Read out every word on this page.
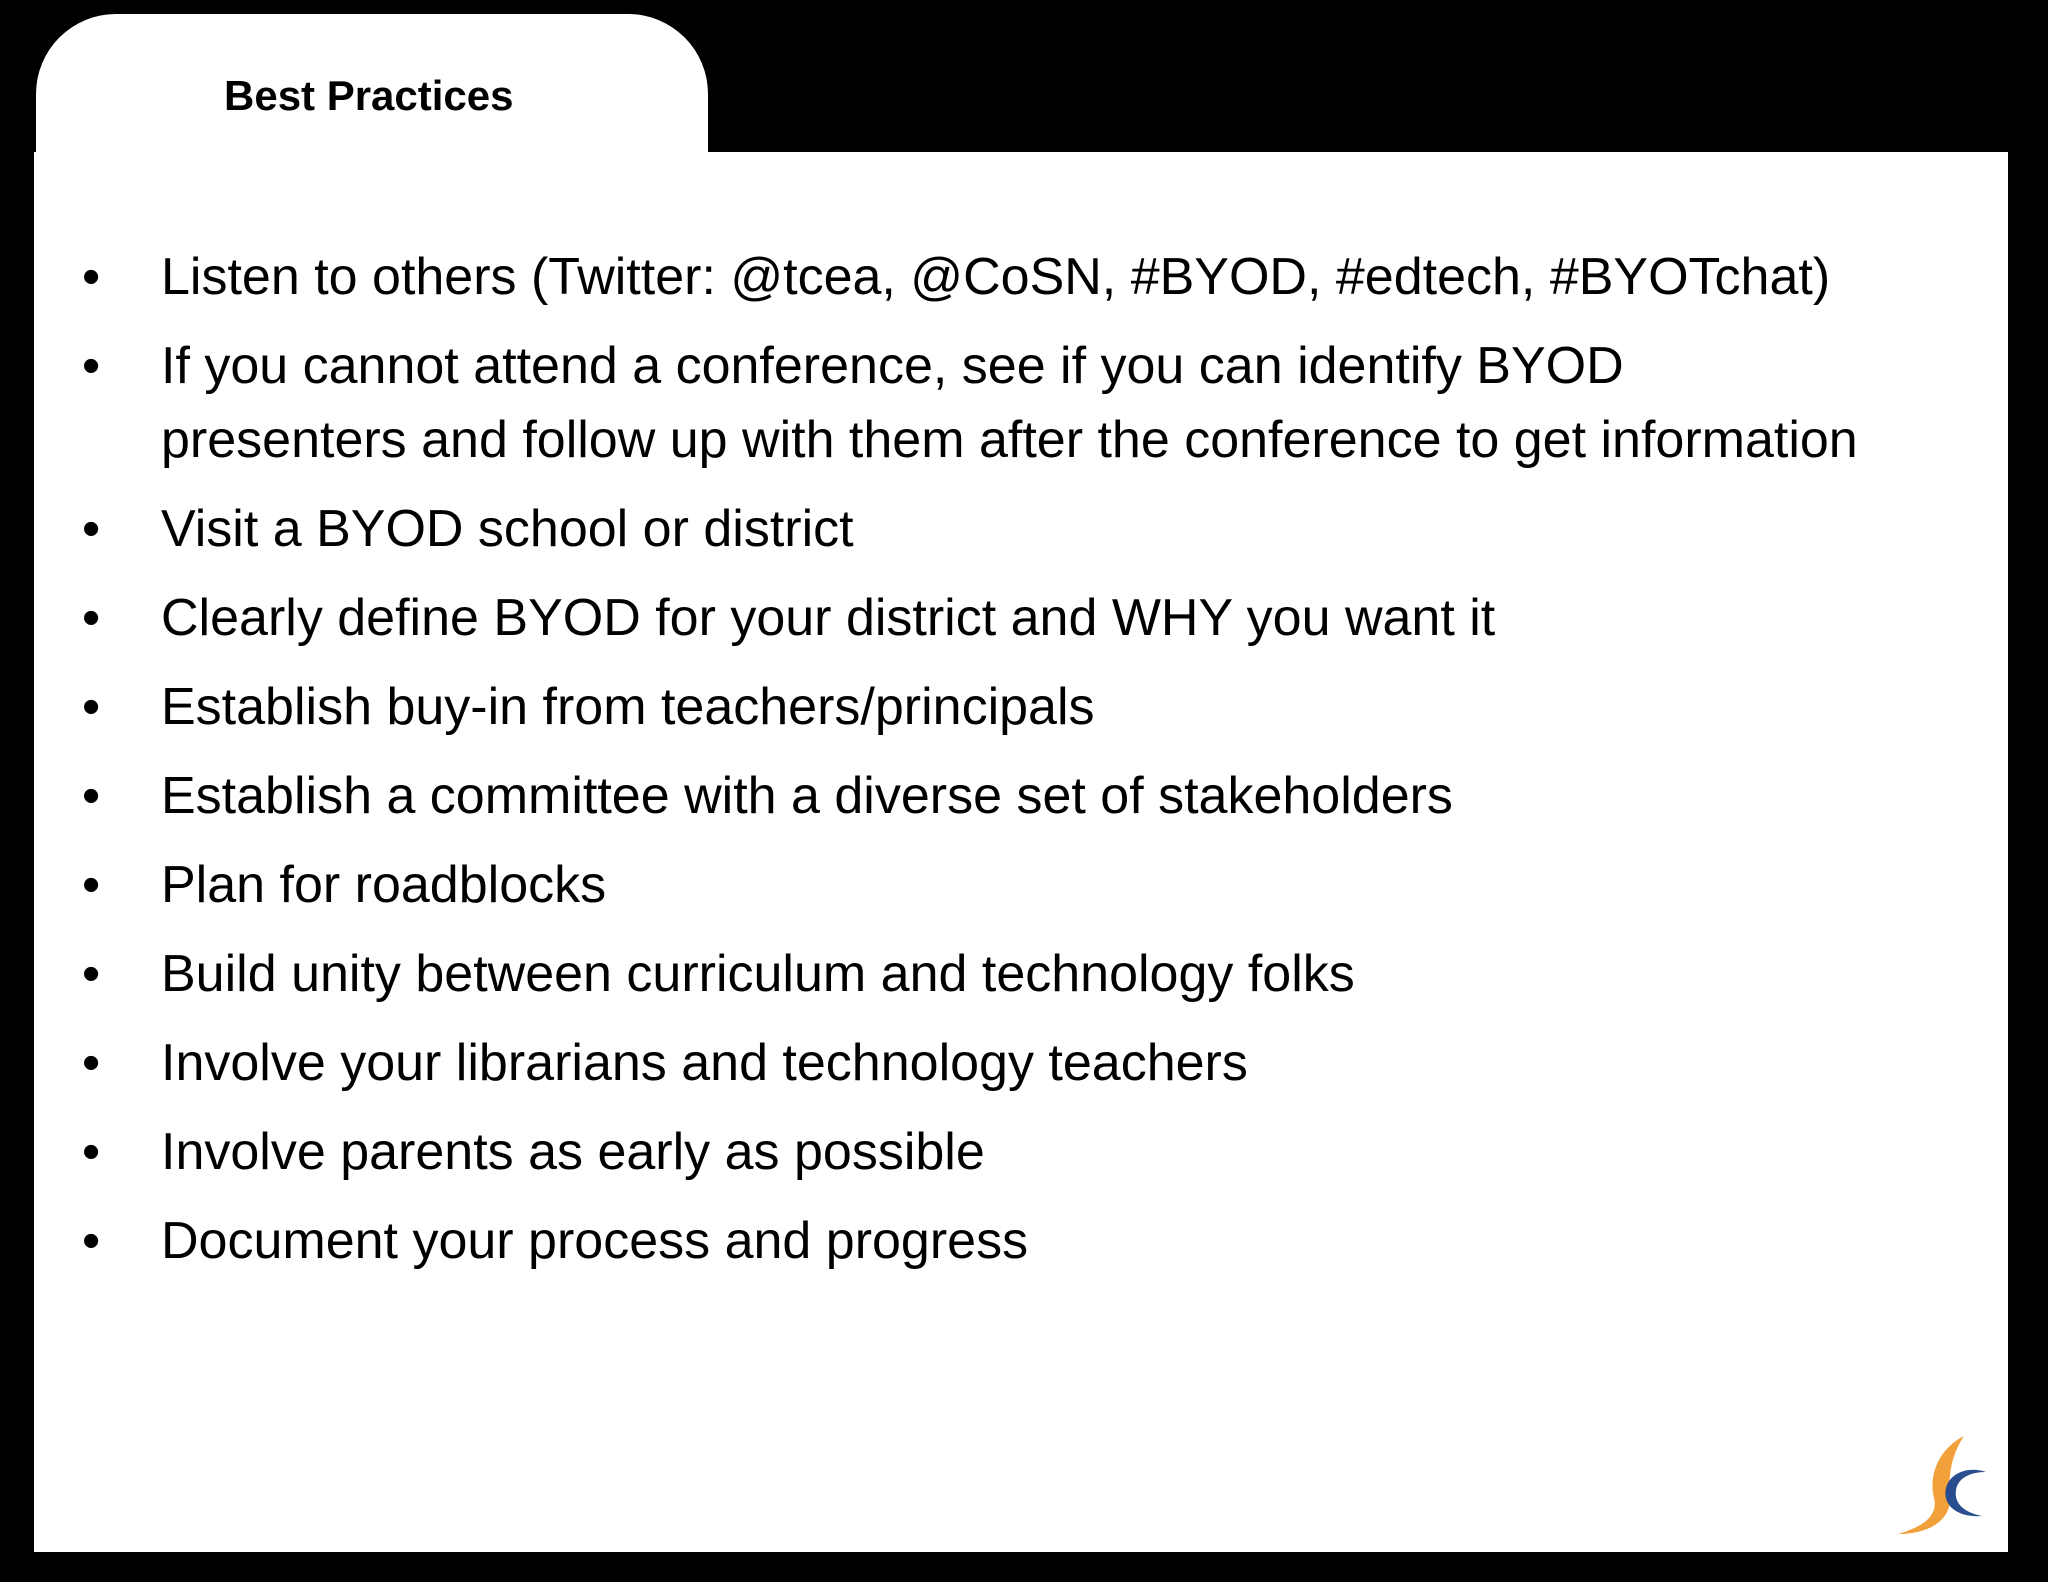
Best Practices
• Listen to others (Twitter: @tcea, @CoSN, #BYOD, #edtech, #BYOTchat)
• If you cannot attend a conference, see if you can identify BYOD presenters and follow up with them after the conference to get information
• Visit a BYOD school or district
• Clearly define BYOD for your district and WHY you want it
• Establish buy-in from teachers/principals
• Establish a committee with a diverse set of stakeholders
• Plan for roadblocks
• Build unity between curriculum and technology folks
• Involve your librarians and technology teachers
• Involve parents as early as possible
• Document your process and progress
